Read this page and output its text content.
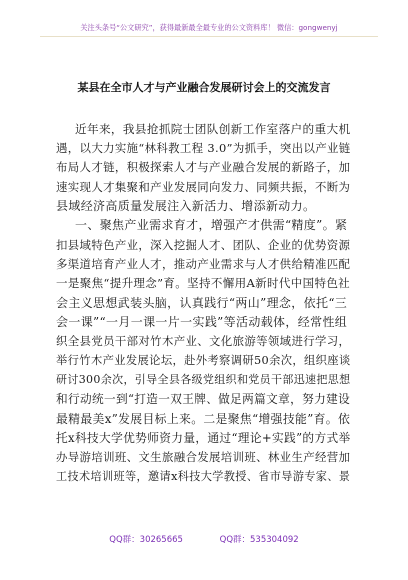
关注头条号“公文研究”，获得最新最全最专业的公文资料库！ 微信：gongwenyj
某县在全市人才与产业融合发展研讨会上的交流发言
近年来，我县抢抓院士团队创新工作室落户的重大机
遇，以大力实施“林科教工程 3.0”为抓手，突出以产业链
布局人才链，积极探索人才与产业融合发展的新路子，加
速实现人才集聚和产业发展同向发力、同频共振，不断为
县域经济高质量发展注入新活力、增添新动力。
一、聚焦产业需求育才，增强产才供需“精度”。紧
扣县域特色产业，深入挖掘人才、团队、企业的优势资源
多渠道培育产业人才，推动产业需求与人才供给精准匹配
一是聚焦“提升理念”育。坚持不懈用A新时代中国特色社
会主义思想武装头脑，认真践行“两山”理念，依托“三
会一课”“一月一课一片一实践”等活动载体，经常性组
织全县党员干部对竹木产业、文化旅游等领域进行学习，
举行竹木产业发展论坛，赴外考察调研50余次，组织座谈
研讨300余次，引导全县各级党组织和党员干部迅速把思想
和行动统一到“打造一双王牌、做足两篇文章，努力建设
最精最美x”发展目标上来。二是聚焦“增强技能”育。依
托x科技大学优势师资力量，通过“理论+实践”的方式举
办导游培训班、文生旅融合发展培训班、林业生产经营加
工技术培训班等，邀请x科技大学教授、省市导游专家、景
QQ群：30265665	QQ群：535304092
